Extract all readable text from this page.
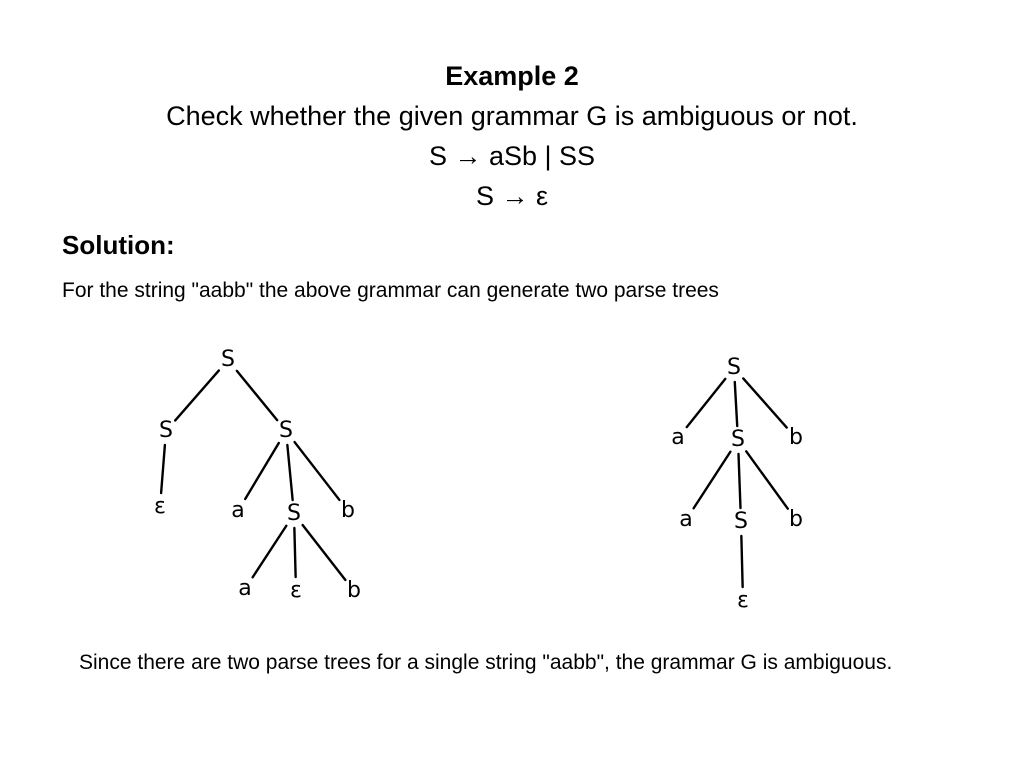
Example 2
Check whether the given grammar G is ambiguous or not.
S → aSb | SS
S → ε
Solution:
For the string "aabb" the above grammar can generate two parse trees
S
S	S
ε	a S b
a ε b
S
a S b
a S b
ε
Since there are two parse trees for a single string "aabb", the grammar G is ambiguous.
